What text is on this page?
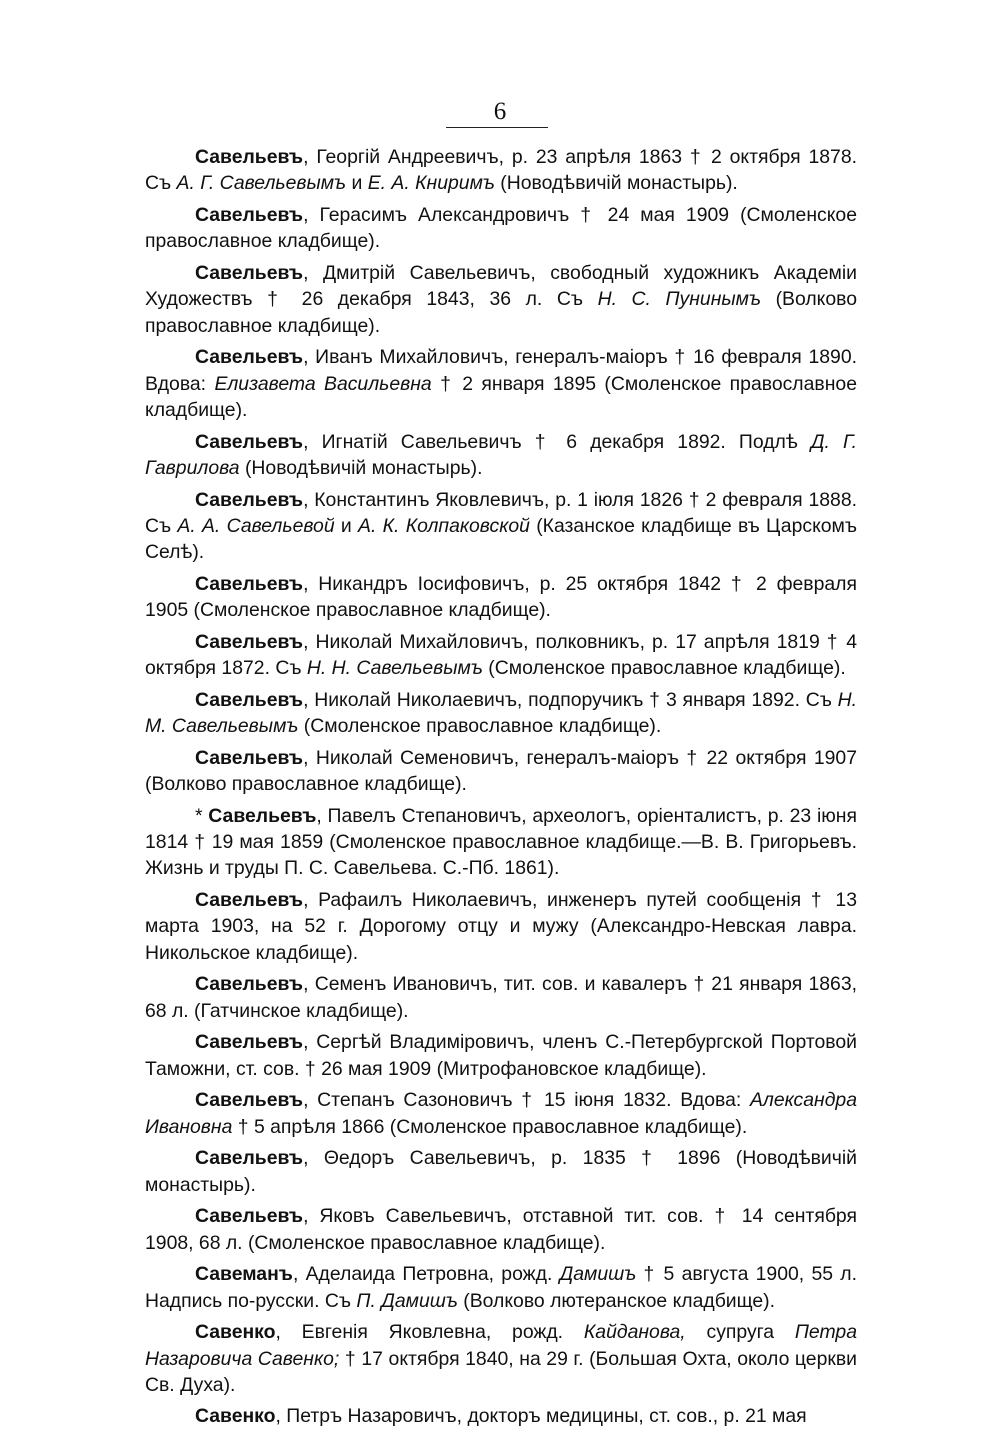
6

Савельевъ, Георгій Андреевичъ, р. 23 апрѣля 1863 † 2 октября 1878. Съ А. Г. Савельевымъ и Е. А. Книримъ (Новодѣвичій монастырь).

Савельевъ, Герасимъ Александровичъ † 24 мая 1909 (Смоленское православное кладбище).

Савельевъ, Дмитрій Савельевичъ, свободный художникъ Академіи Художествъ † 26 декабря 1843, 36 л. Съ Н. С. Пунинымъ (Волково православное кладбище).

Савельевъ, Иванъ Михайловичъ, генералъ-маіоръ † 16 февраля 1890. Вдова: Елизавета Васильевна † 2 января 1895 (Смоленское православное кладбище).

Савельевъ, Игнатій Савельевичъ † 6 декабря 1892. Подлѣ Д. Г. Гаврилова (Новодѣвичій монастырь).

Савельевъ, Константинъ Яковлевичъ, р. 1 іюля 1826 † 2 февраля 1888. Съ А. А. Савельевой и А. К. Колпаковской (Казанское кладбище въ Царскомъ Селѣ).

Савельевъ, Никандръ Іосифовичъ, р. 25 октября 1842 † 2 февраля 1905 (Смоленское православное кладбище).

Савельевъ, Николай Михайловичъ, полковникъ, р. 17 апрѣля 1819 † 4 октября 1872. Съ Н. Н. Савельевымъ (Смоленское православное кладбище).

Савельевъ, Николай Николаевичъ, подпоручикъ † 3 января 1892. Съ Н. М. Савельевымъ (Смоленское православное кладбище).

Савельевъ, Николай Семеновичъ, генералъ-маіоръ † 22 октября 1907 (Волково православное кладбище).

* Савельевъ, Павелъ Степановичъ, археологъ, оріенталистъ, р. 23 іюня 1814 † 19 мая 1859 (Смоленское православное кладбище.—В. В. Григорьевъ. Жизнь и труды П. С. Савельева. С.-Пб. 1861).

Савельевъ, Рафаилъ Николаевичъ, инженеръ путей сообщенія † 13 марта 1903, на 52 г. Дорогому отцу и мужу (Александро-Невская лавра. Никольское кладбище).

Савельевъ, Семенъ Ивановичъ, тит. сов. и кавалеръ † 21 января 1863, 68 л. (Гатчинское кладбище).

Савельевъ, Сергѣй Владиміровичъ, членъ С.-Петербургской Портовой Таможни, ст. сов. † 26 мая 1909 (Митрофановское кладбище).

Савельевъ, Степанъ Сазоновичъ † 15 іюня 1832. Вдова: Александра Ивановна † 5 апрѣля 1866 (Смоленское православное кладбище).

Савельевъ, Θедоръ Савельевичъ, р. 1835 † 1896 (Новодѣвичій монастырь).

Савельевъ, Яковъ Савельевичъ, отставной тит. сов. † 14 сентября 1908, 68 л. (Смоленское православное кладбище).

Савеманъ, Аделаида Петровна, рожд. Дамишъ † 5 августа 1900, 55 л. Надпись по-русски. Съ П. Дамишъ (Волково лютеранское кладбище).

Савенко, Евгенія Яковлевна, рожд. Кайданова, супруга Петра Назаровича Савенко; † 17 октября 1840, на 29 г. (Большая Охта, около церкви Св. Духа).

Савенко, Петръ Назаровичъ, докторъ медицины, ст. сов., р. 21 мая
